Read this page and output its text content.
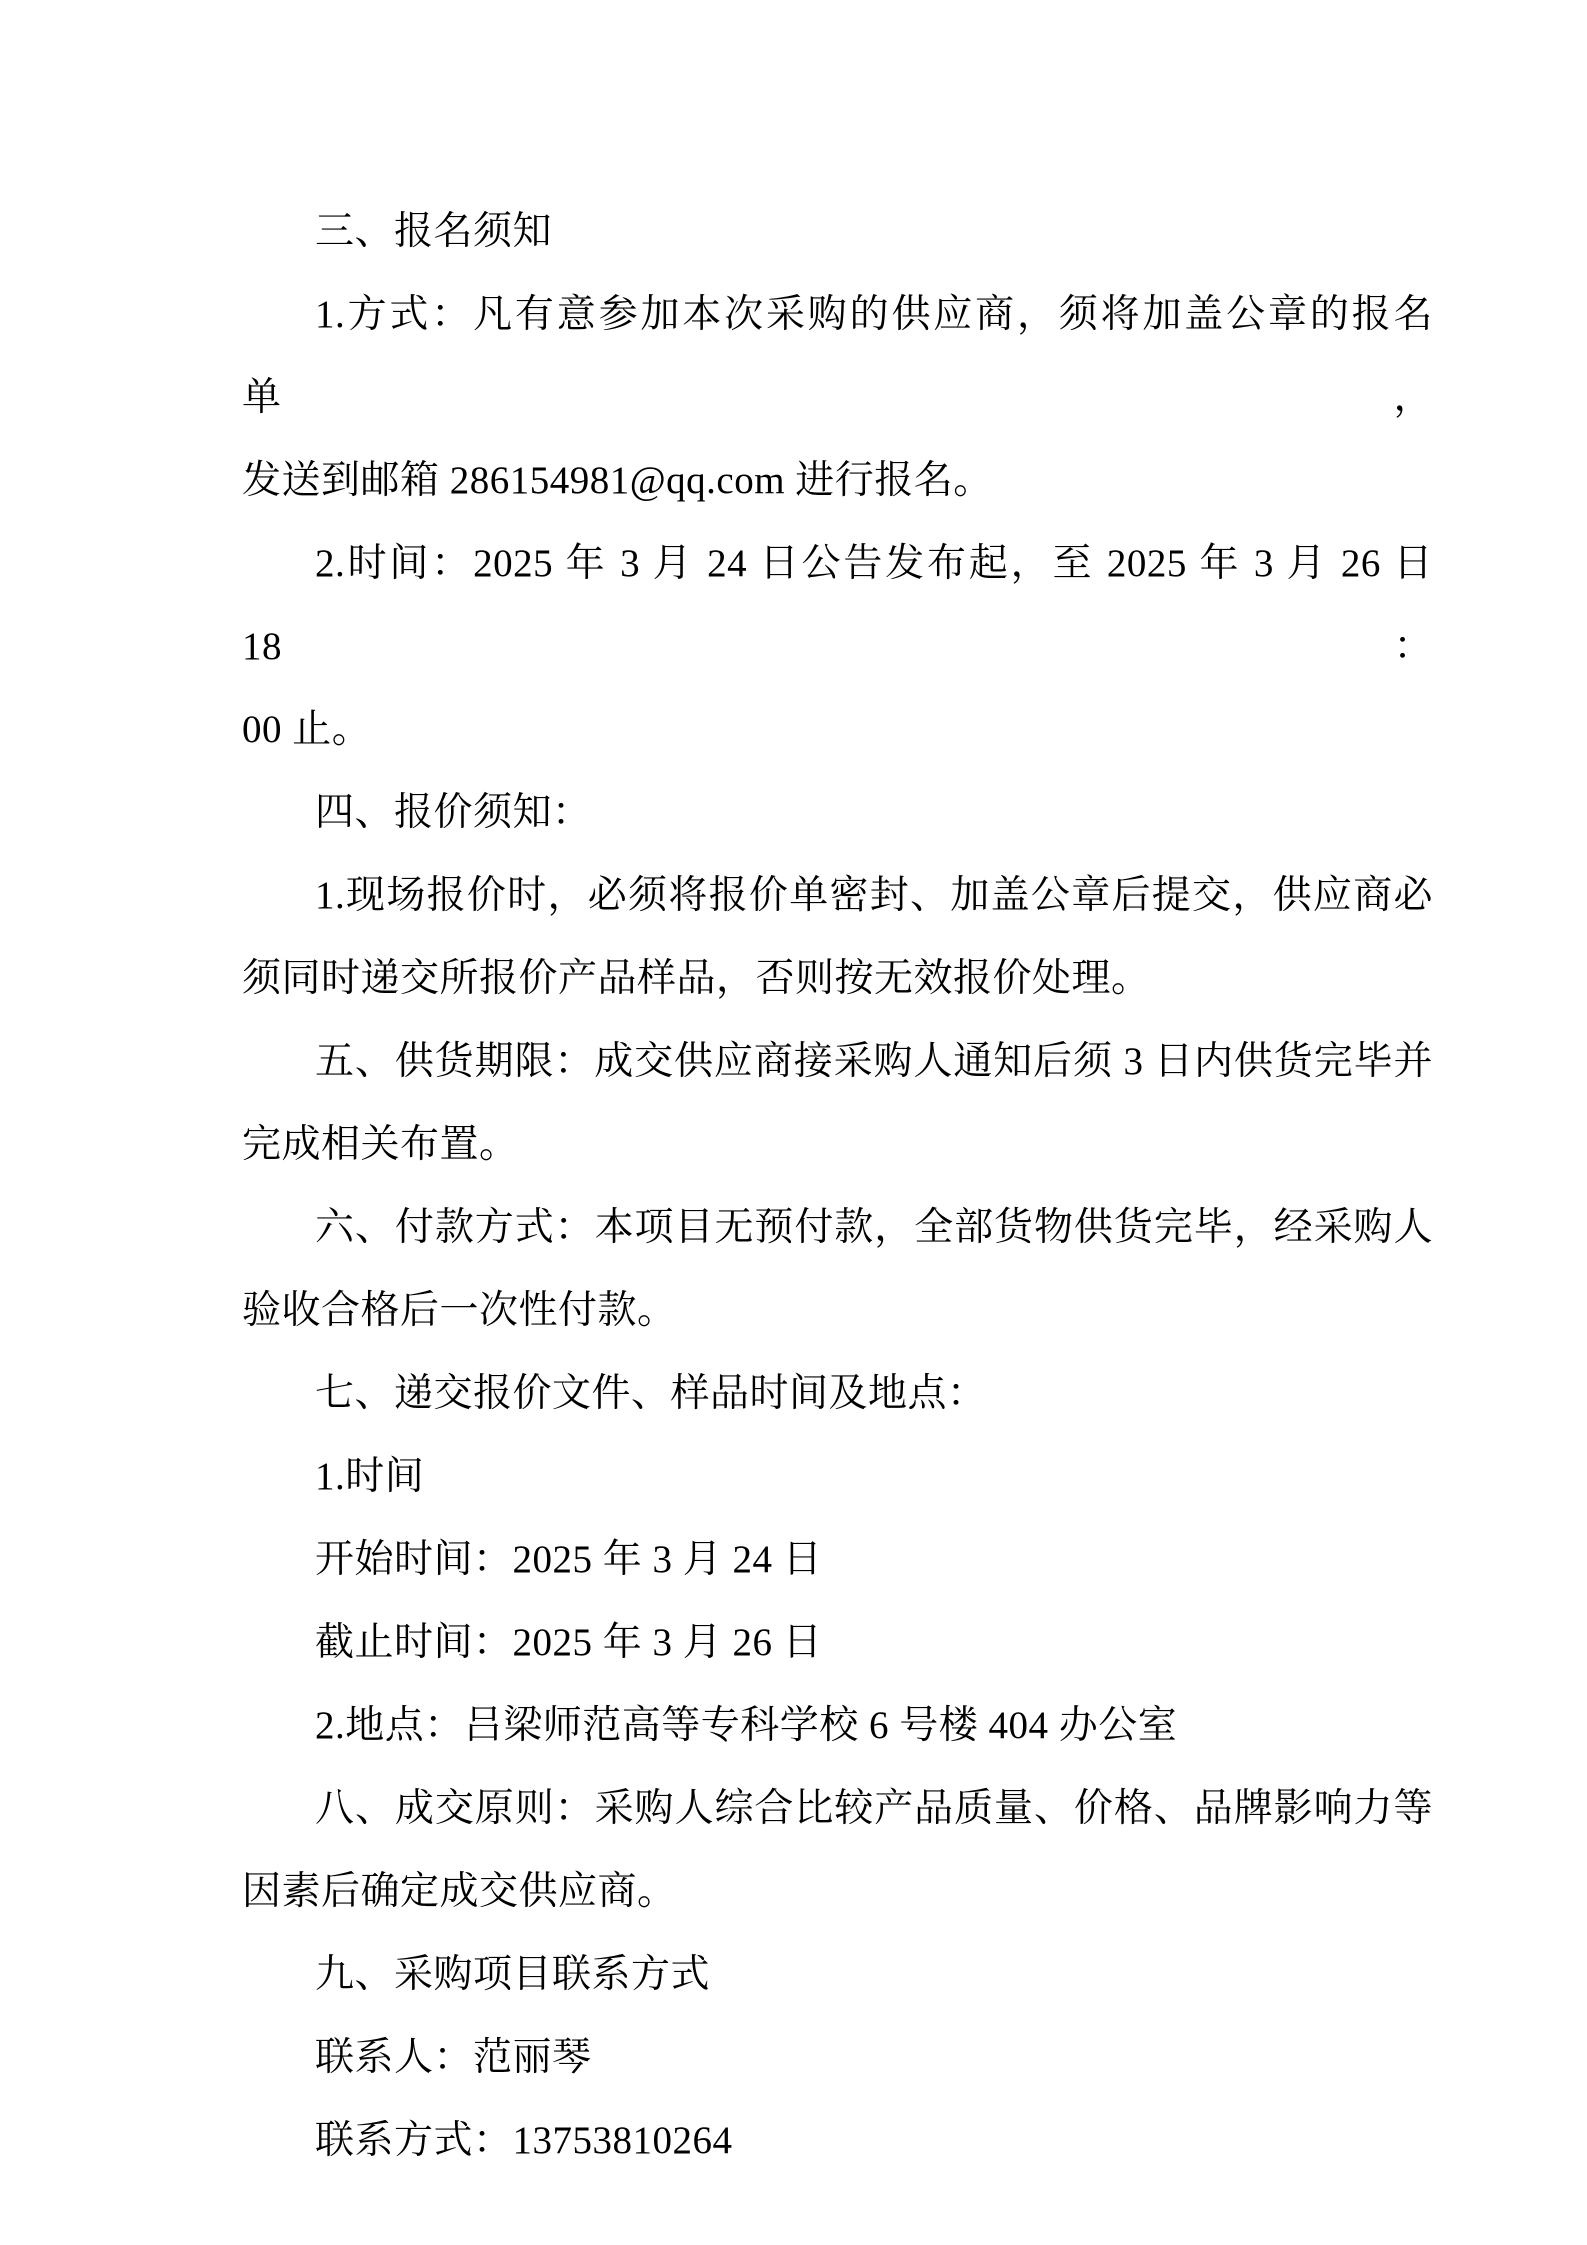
三、报名须知
1.方式：凡有意参加本次采购的供应商，须将加盖公章的报名单，
发送到邮箱 286154981@qq.com 进行报名。
2.时间：2025 年 3 月 24 日公告发布起，至 2025 年 3 月 26 日 18：
00 止。
四、报价须知：
1.现场报价时，必须将报价单密封、加盖公章后提交，供应商必
须同时递交所报价产品样品，否则按无效报价处理。
五、供货期限：成交供应商接采购人通知后须 3 日内供货完毕并
完成相关布置。
六、付款方式：本项目无预付款，全部货物供货完毕，经采购人
验收合格后一次性付款。
七、递交报价文件、样品时间及地点：
1.时间
开始时间：2025 年 3 月 24 日
截止时间：2025 年 3 月 26 日
2.地点：吕梁师范高等专科学校 6 号楼 404 办公室
八、成交原则：采购人综合比较产品质量、价格、品牌影响力等
因素后确定成交供应商。
九、采购项目联系方式
联系人：范丽琴
联系方式：13753810264
